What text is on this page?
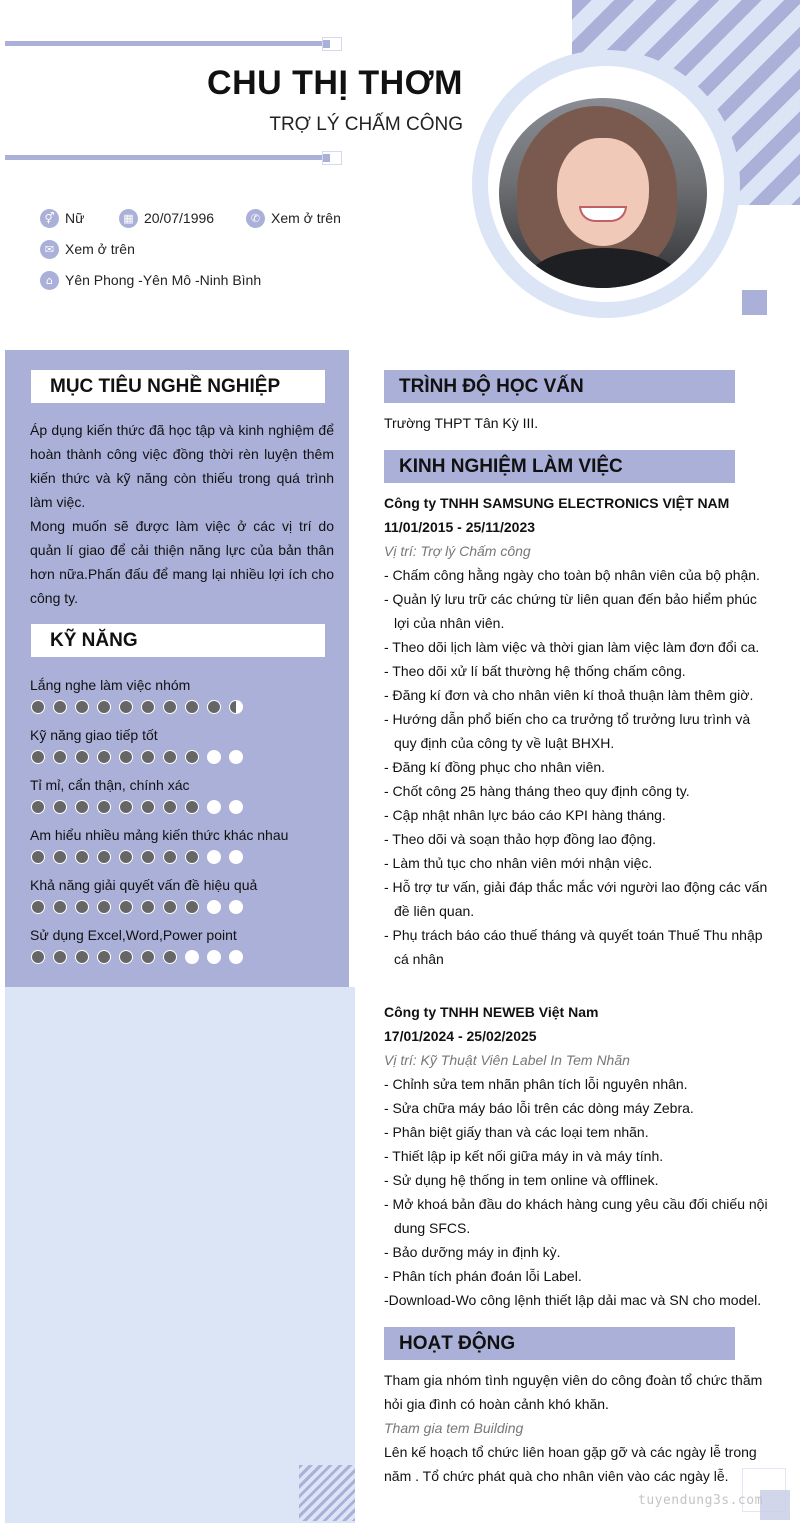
CHU THỊ THƠM
TRỢ LÝ CHẤM CÔNG
⚥ Nữ	▦ 20/07/1996	✆ Xem ở trên
✉ Xem ở trên
⌂ Yên Phong -Yên Mô -Ninh Bình
MỤC TIÊU NGHỀ NGHIỆP

Áp dụng kiến thức đã học tập và kinh nghiệm để hoàn thành công việc đồng thời rèn luyện thêm kiến thức và kỹ năng còn thiếu trong quá trình làm việc.

Mong muốn sẽ được làm việc ở các vị trí do quản lí giao để cải thiện năng lực của bản thân hơn nữa.Phấn đấu để mang lại nhiều lợi ích cho công ty.

KỸ NĂNG
Lắng nghe làm việc nhóm
Kỹ năng giao tiếp tốt
Tỉ mỉ, cẩn thận, chính xác
Am hiểu nhiều mảng kiến thức khác nhau
Khả năng giải quyết vấn đề hiệu quả
Sử dụng Excel,Word,Power point
TRÌNH ĐỘ HỌC VẤN
Trường THPT Tân Kỳ III.
KINH NGHIỆM LÀM VIỆC
Công ty TNHH SAMSUNG ELECTRONICS VIỆT NAM
11/01/2015 - 25/11/2023
Vị trí: Trợ lý Chấm công
- Chấm công hằng ngày cho toàn bộ nhân viên của bộ phận.
- Quản lý lưu trữ các chứng từ liên quan đến bảo hiểm phúc
lợi của nhân viên.
- Theo dõi lịch làm việc và thời gian làm việc làm đơn đổi ca.
- Theo dõi xử lí bất thường hệ thống chấm công.
- Đăng kí đơn và cho nhân viên kí thoả thuận làm thêm giờ.
- Hướng dẫn phổ biến cho ca trưởng tổ trưởng lưu trình và
quy định của công ty về luật BHXH.
- Đăng kí đồng phục cho nhân viên.
- Chốt công 25 hàng tháng theo quy định công ty.
- Cập nhật nhân lực báo cáo KPI hàng tháng.
- Theo dõi và soạn thảo hợp đồng lao động.
- Làm thủ tục cho nhân viên mới nhận việc.
- Hỗ trợ tư vấn, giải đáp thắc mắc với người lao động các vấn
đề liên quan.
- Phụ trách báo cáo thuế tháng và quyết toán Thuế Thu nhập
cá nhân
Công ty TNHH NEWEB Việt Nam
17/01/2024 - 25/02/2025
Vị trí: Kỹ Thuật Viên Label In Tem Nhãn
- Chỉnh sửa tem nhãn phân tích lỗi nguyên nhân.
- Sửa chữa máy báo lỗi trên các dòng máy Zebra.
- Phân biệt giấy than và các loại tem nhãn.
- Thiết lập ip kết nối giữa máy in và máy tính.
- Sử dụng hệ thống in tem online và offlinek.
- Mở khoá bản đầu do khách hàng cung yêu cầu đối chiếu nội
dung SFCS.
- Bảo dưỡng máy in định kỳ.
- Phân tích phán đoán lỗi Label.
-Download-Wo công lệnh thiết lập dải mac và SN cho model.
HOẠT ĐỘNG
Tham gia nhóm tình nguyện viên do công đoàn tổ chức thăm
hỏi gia đình có hoàn cảnh khó khăn.
Tham gia tem Building
Lên kế hoạch tổ chức liên hoan gặp gỡ và các ngày lễ trong
năm . Tổ chức phát quà cho nhân viên vào các ngày lễ.
tuyendung3s.com
